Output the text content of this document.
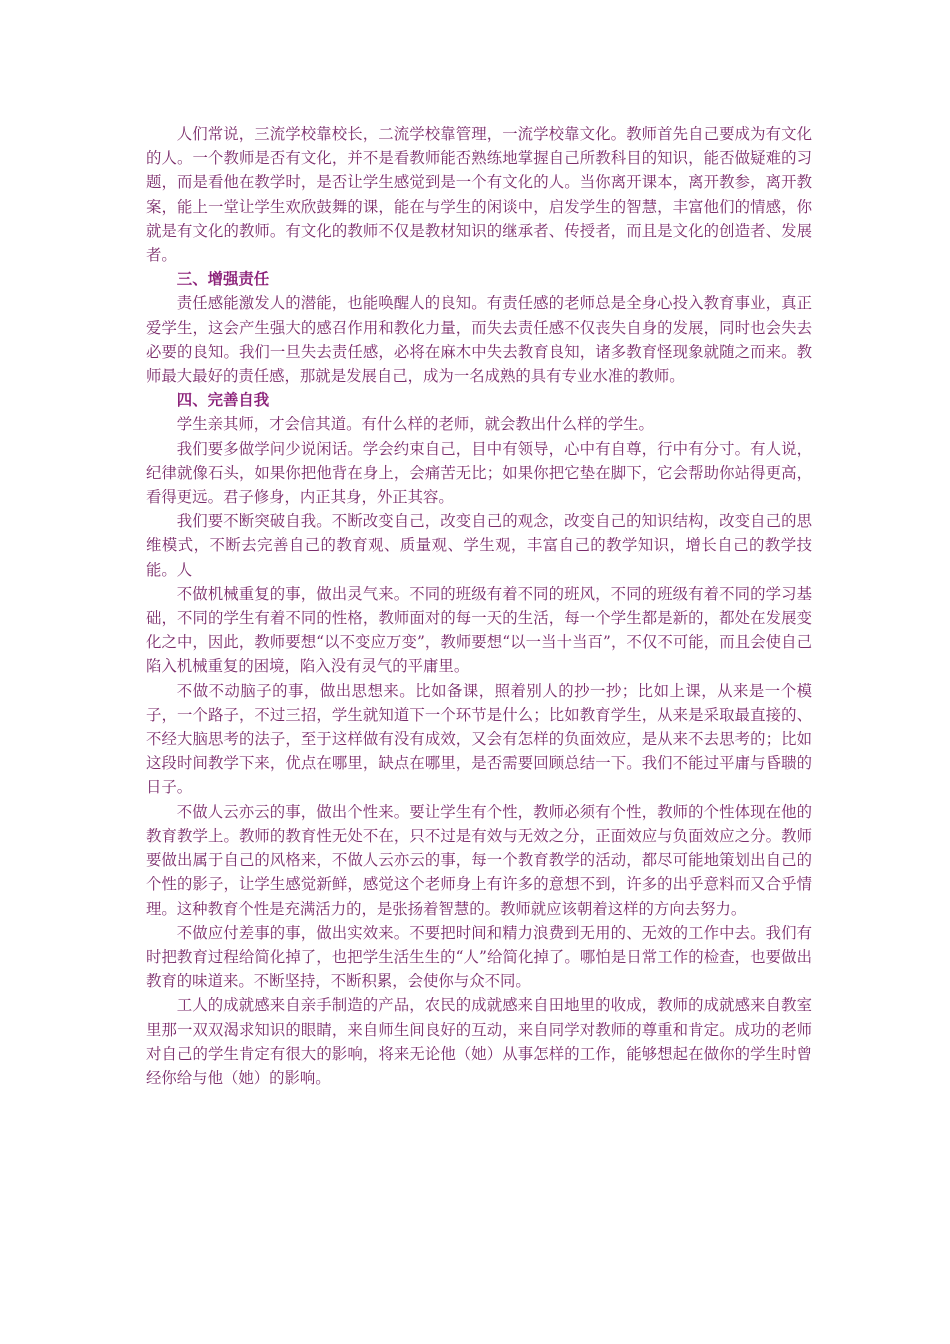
人们常说，三流学校靠校长，二流学校靠管理，一流学校靠文化。教师首先自己要成为有文化的人。一个教师是否有文化，并不是看教师能否熟练地掌握自己所教科目的知识，能否做疑难的习题，而是看他在教学时，是否让学生感觉到是一个有文化的人。当你离开课本，离开教参，离开教案，能上一堂让学生欢欣鼓舞的课，能在与学生的闲谈中，启发学生的智慧，丰富他们的情感，你就是有文化的教师。有文化的教师不仅是教材知识的继承者、传授者，而且是文化的创造者、发展者。

三、增强责任

责任感能激发人的潜能，也能唤醒人的良知。有责任感的老师总是全身心投入教育事业，真正爱学生，这会产生强大的感召作用和教化力量，而失去责任感不仅丧失自身的发展，同时也会失去必要的良知。我们一旦失去责任感，必将在麻木中失去教育良知，诸多教育怪现象就随之而来。教师最大最好的责任感，那就是发展自己，成为一名成熟的具有专业水准的教师。

四、完善自我

学生亲其师，才会信其道。有什么样的老师，就会教出什么样的学生。

我们要多做学问少说闲话。学会约束自己，目中有领导，心中有自尊，行中有分寸。有人说，纪律就像石头，如果你把他背在身上，会痛苦无比；如果你把它垫在脚下，它会帮助你站得更高，看得更远。君子修身，内正其身，外正其容。

我们要不断突破自我。不断改变自己，改变自己的观念，改变自己的知识结构，改变自己的思维模式，不断去完善自己的教育观、质量观、学生观，丰富自己的教学知识，增长自己的教学技能。人

不做机械重复的事，做出灵气来。不同的班级有着不同的班风，不同的班级有着不同的学习基础，不同的学生有着不同的性格，教师面对的每一天的生活，每一个学生都是新的，都处在发展变化之中，因此，教师要想“以不变应万变”，教师要想“以一当十当百”，不仅不可能，而且会使自己陷入机械重复的困境，陷入没有灵气的平庸里。

不做不动脑子的事，做出思想来。比如备课，照着别人的抄一抄；比如上课，从来是一个模子，一个路子，不过三招，学生就知道下一个环节是什么；比如教育学生，从来是采取最直接的、不经大脑思考的法子，至于这样做有没有成效，又会有怎样的负面效应，是从来不去思考的；比如这段时间教学下来，优点在哪里，缺点在哪里，是否需要回顾总结一下。我们不能过平庸与昏聩的日子。

不做人云亦云的事，做出个性来。要让学生有个性，教师必须有个性，教师的个性体现在他的教育教学上。教师的教育性无处不在，只不过是有效与无效之分，正面效应与负面效应之分。教师要做出属于自己的风格来，不做人云亦云的事，每一个教育教学的活动，都尽可能地策划出自己的个性的影子，让学生感觉新鲜，感觉这个老师身上有许多的意想不到，许多的出乎意料而又合乎情理。这种教育个性是充满活力的，是张扬着智慧的。教师就应该朝着这样的方向去努力。

不做应付差事的事，做出实效来。不要把时间和精力浪费到无用的、无效的工作中去。我们有时把教育过程给简化掉了，也把学生活生生的“人”给简化掉了。哪怕是日常工作的检查，也要做出教育的味道来。不断坚持，不断积累，会使你与众不同。

工人的成就感来自亲手制造的产品，农民的成就感来自田地里的收成，教师的成就感来自教室里那一双双渴求知识的眼睛，来自师生间良好的互动，来自同学对教师的尊重和肯定。成功的老师对自己的学生肯定有很大的影响，将来无论他（她）从事怎样的工作，能够想起在做你的学生时曾经你给与他（她）的影响。
